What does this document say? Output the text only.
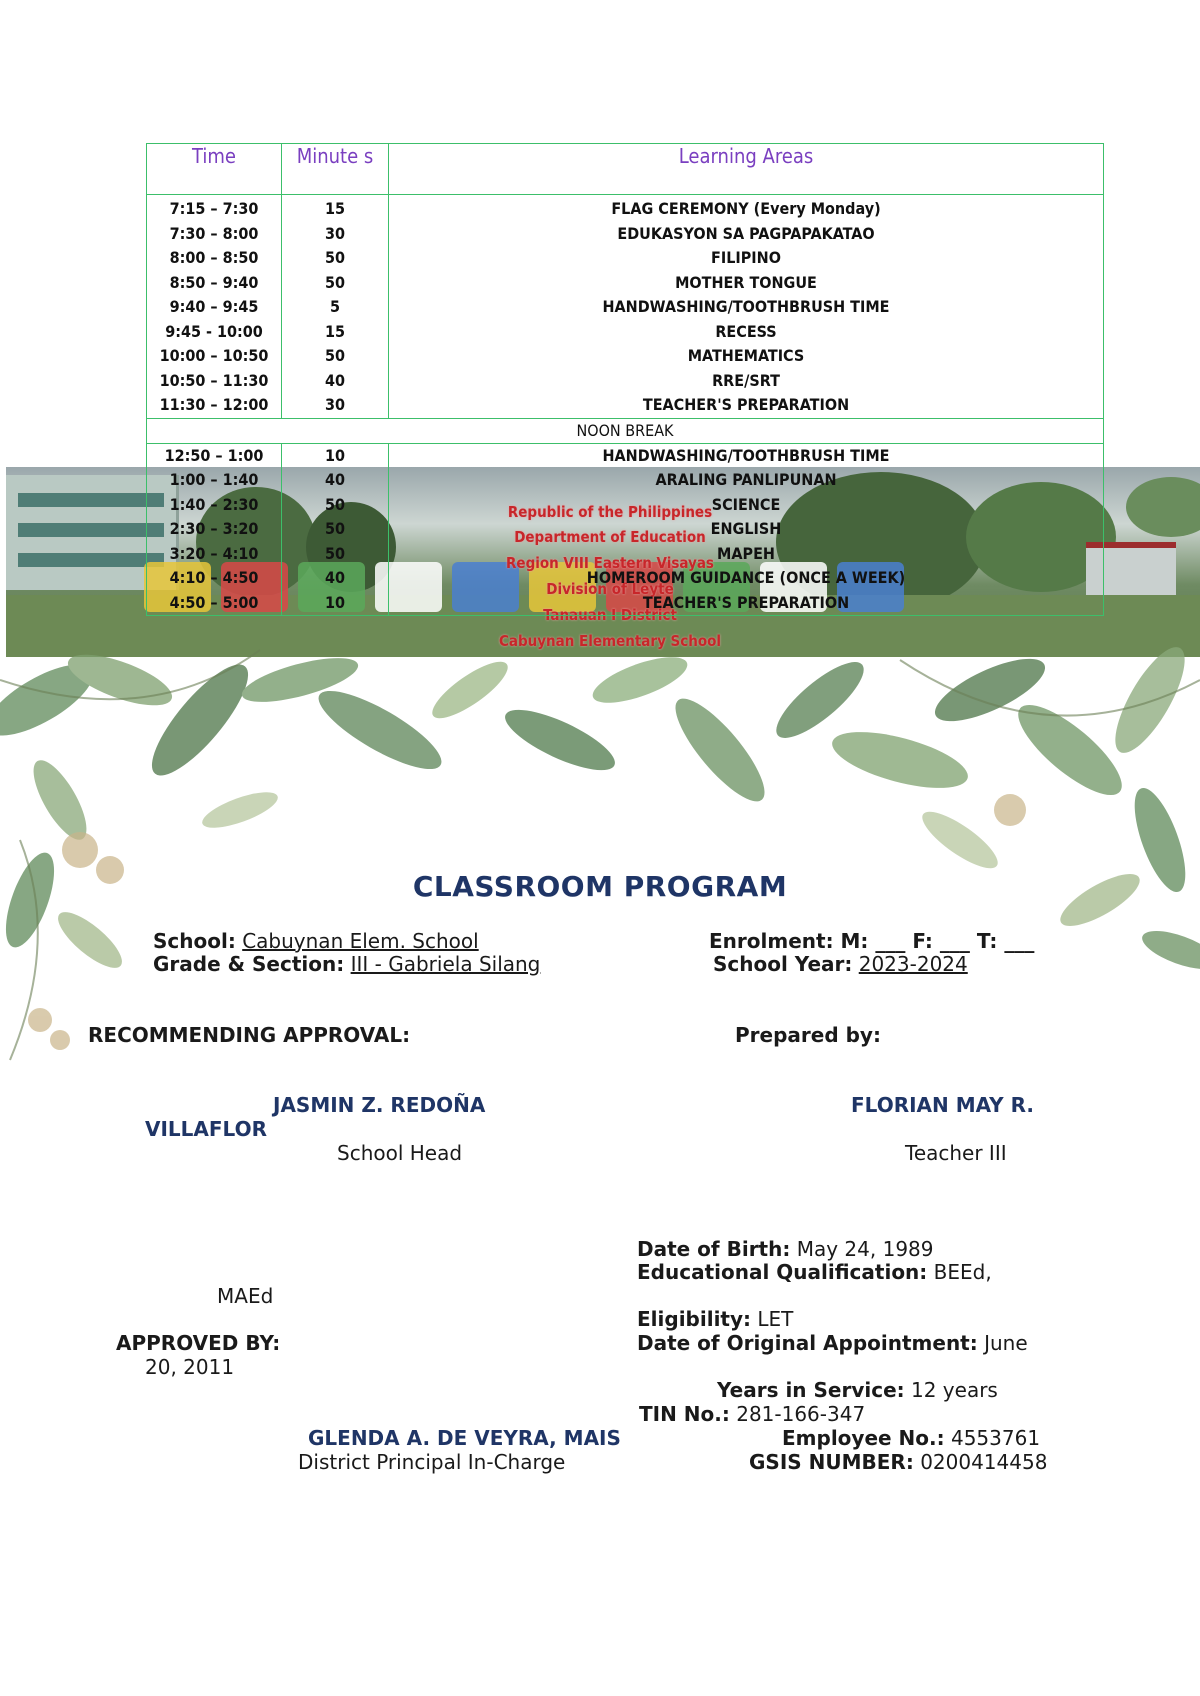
Time	Minute s	Learning Areas
7:15 – 7:30	15	FLAG CEREMONY (Every Monday)
7:30 – 8:00	30	EDUKASYON SA PAGPAPAKATAO
8:00 – 8:50	50	FILIPINO
8:50 – 9:40	50	MOTHER TONGUE
9:40 – 9:45	5	HANDWASHING/TOOTHBRUSH TIME
9:45 - 10:00	15	RECESS
10:00 – 10:50	50	MATHEMATICS
10:50 – 11:30	40	RRE/SRT
11:30 – 12:00	30	TEACHER'S PREPARATION
NOON BREAK		
12:50 – 1:00	10	HANDWASHING/TOOTHBRUSH TIME
1:00 – 1:40	40	ARALING PANLIPUNAN
1:40 – 2:30	50	SCIENCE
2:30 – 3:20	50	ENGLISH
3:20 – 4:10	50	MAPEH
4:10 – 4:50	40	HOMEROOM GUIDANCE (ONCE A WEEK)
4:50 – 5:00	10	TEACHER'S PREPARATION
Republic of the Philippines
Department of Education
Region VIII Eastern Visayas
Division of Leyte
Tanauan I District
Cabuynan Elementary School
CLASSROOM PROGRAM
School: Cabuynan Elem. School
Grade & Section: III - Gabriela Silang
Enrolment: M: ___ F: ___ T: ___
School Year: 2023-2024
RECOMMENDING APPROVAL:	Prepared by:
JASMIN Z. REDOÑA
VILLAFLOR
School Head
FLORIAN MAY R.
Teacher III
Date of Birth: May 24, 1989
Educational Qualification: BEEd,
MAEd
Eligibility: LET
APPROVED BY:	Date of Original Appointment: June
20, 2011
Years in Service: 12 years
TIN No.: 281-166-347
GLENDA A. DE VEYRA, MAIS	Employee No.: 4553761
District Principal In-Charge	GSIS NUMBER: 0200414458
